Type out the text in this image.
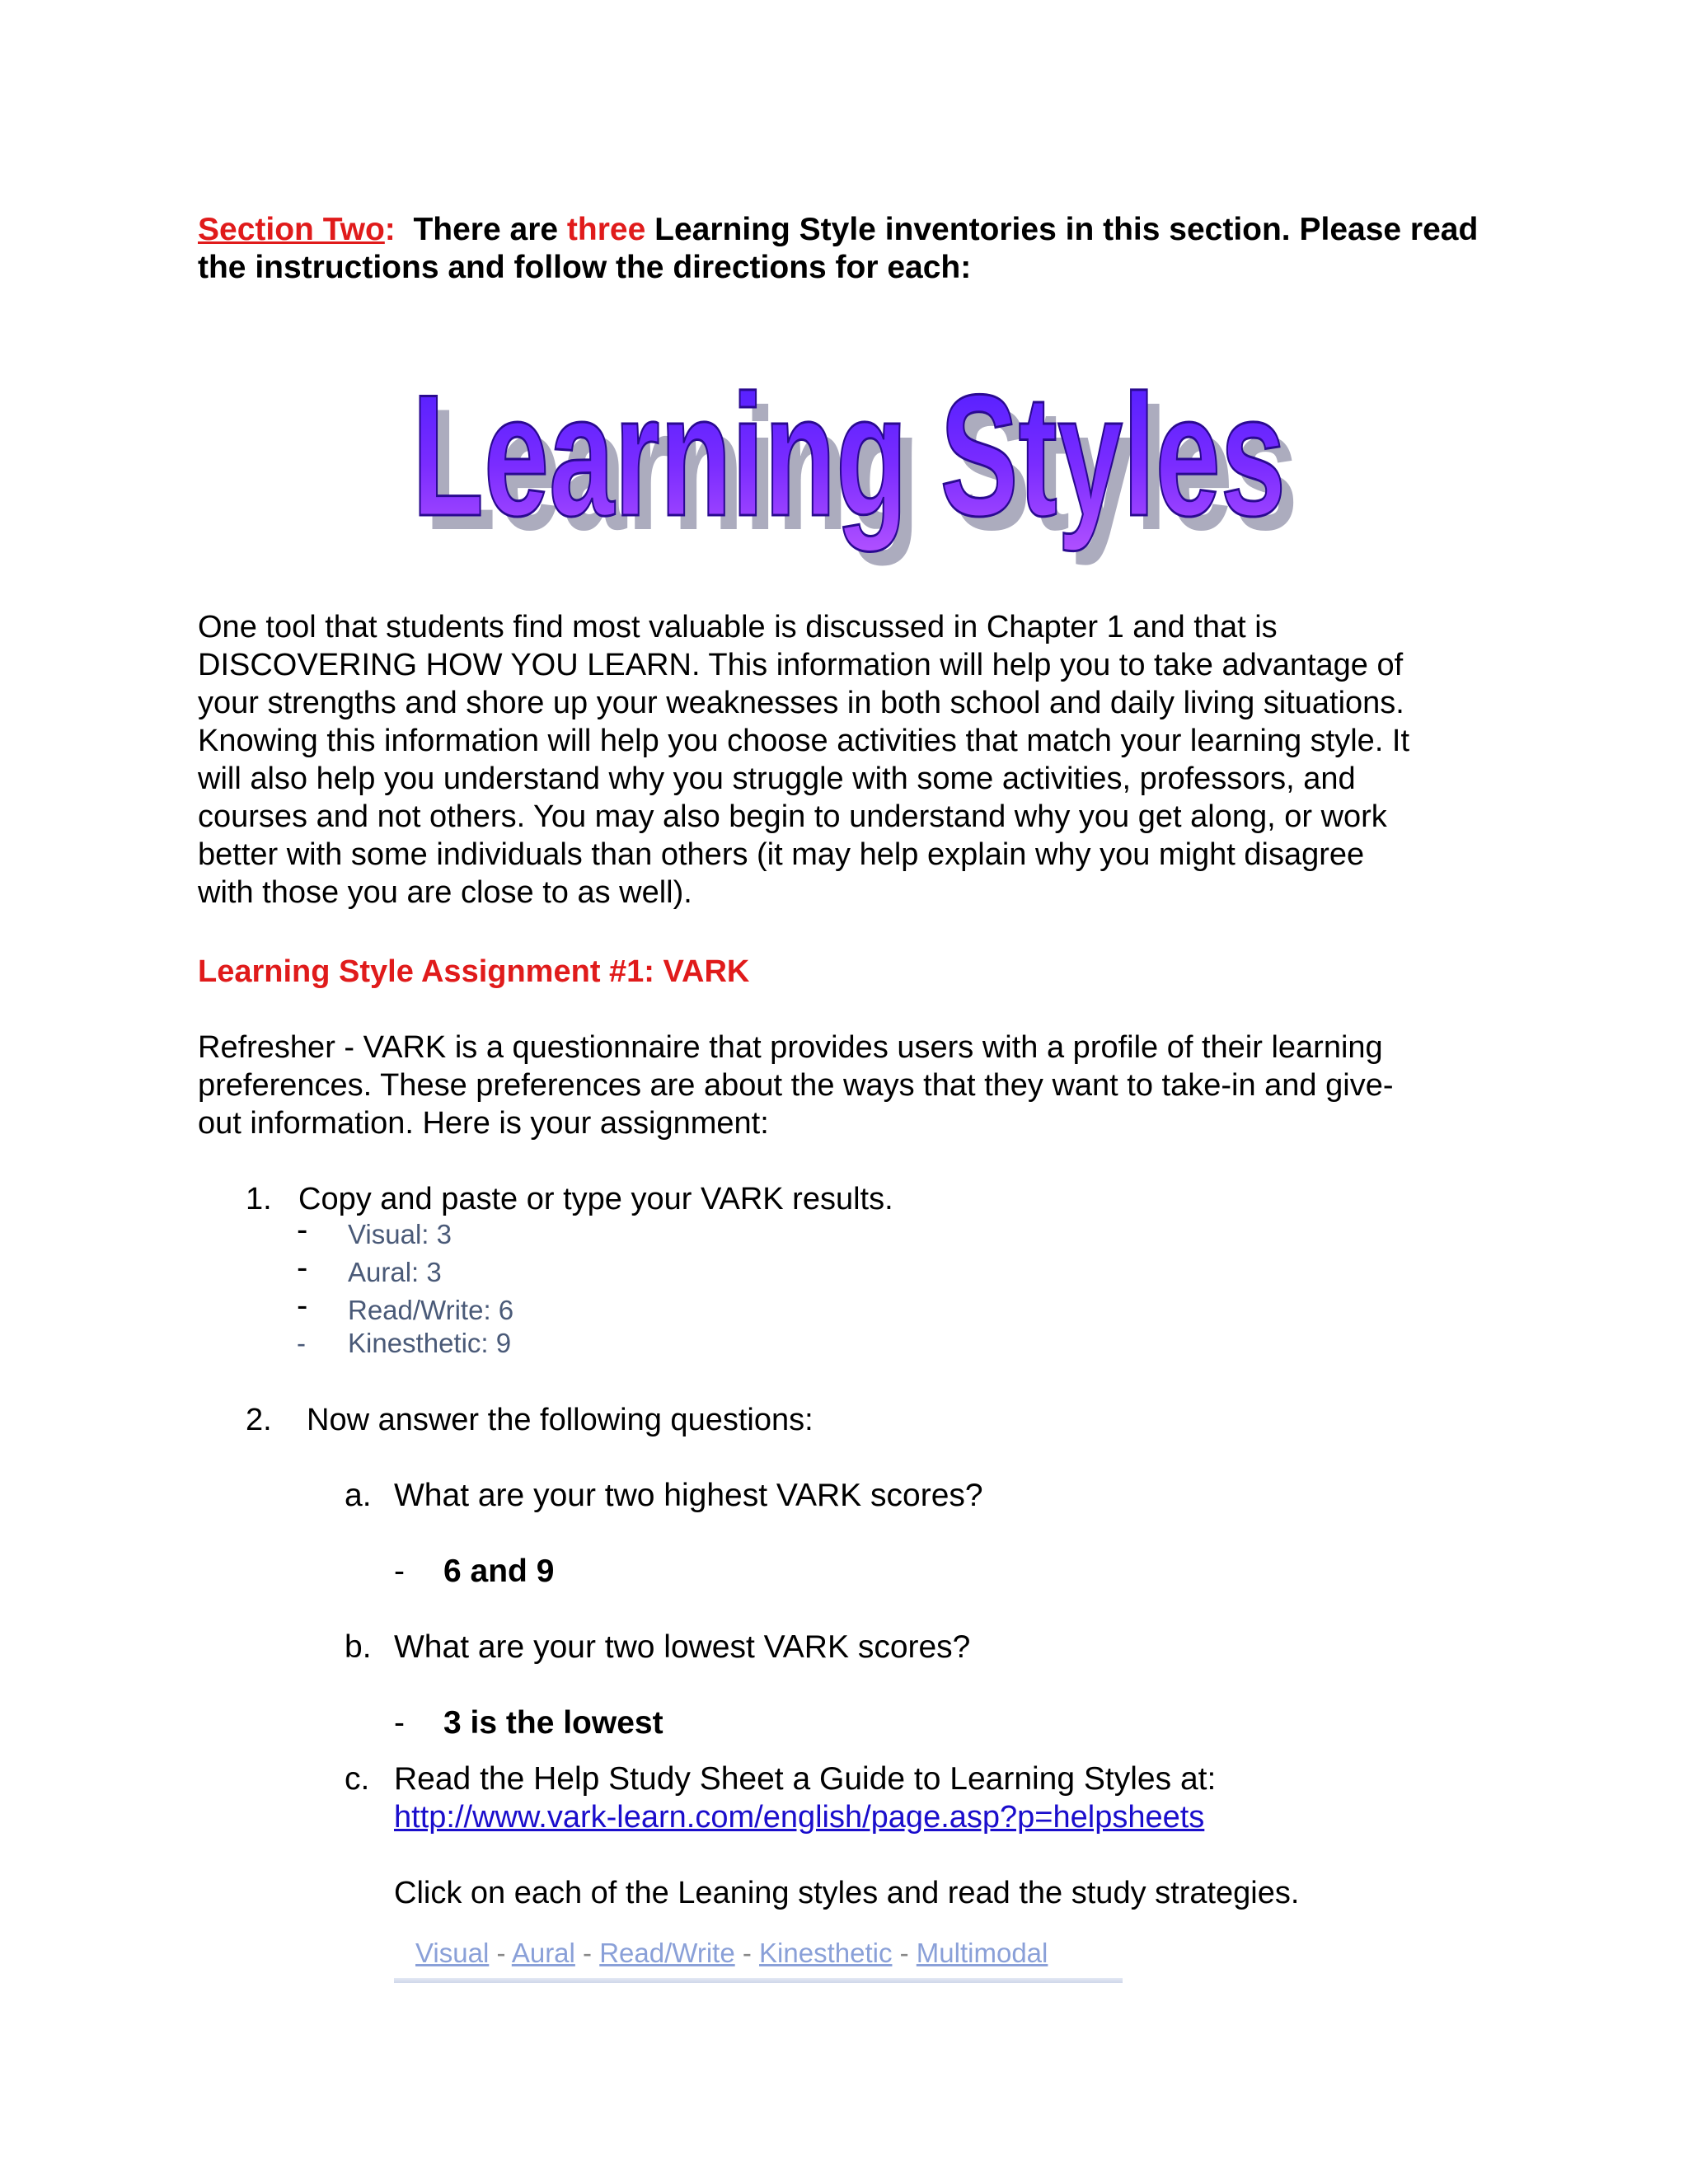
Section Two: There are three Learning Style inventories in this section. Please read the instructions and follow the directions for each:
Learning Styles
Learning Styles
One tool that students find most valuable is discussed in Chapter 1 and that is
DISCOVERING HOW YOU LEARN. This information will help you to take advantage of
your strengths and shore up your weaknesses in both school and daily living situations.
Knowing this information will help you choose activities that match your learning style. It
will also help you understand why you struggle with some activities, professors, and
courses and not others. You may also begin to understand why you get along, or work
better with some individuals than others (it may help explain why you might disagree
with those you are close to as well).
Learning Style Assignment #1: VARK
Refresher - VARK is a questionnaire that provides users with a profile of their learning
preferences. These preferences are about the ways that they want to take-in and give-
out information. Here is your assignment:
1. Copy and paste or type your VARK results.
- Visual: 3
- Aural: 3
- Read/Write: 6
- Kinesthetic: 9
2. Now answer the following questions:
a. What are your two highest VARK scores?
- 6 and 9
b. What are your two lowest VARK scores?
- 3 is the lowest
c. Read the Help Study Sheet a Guide to Learning Styles at:
http://www.vark-learn.com/english/page.asp?p=helpsheets
Click on each of the Leaning styles and read the study strategies.
Visual - Aural - Read/Write - Kinesthetic - Multimodal
